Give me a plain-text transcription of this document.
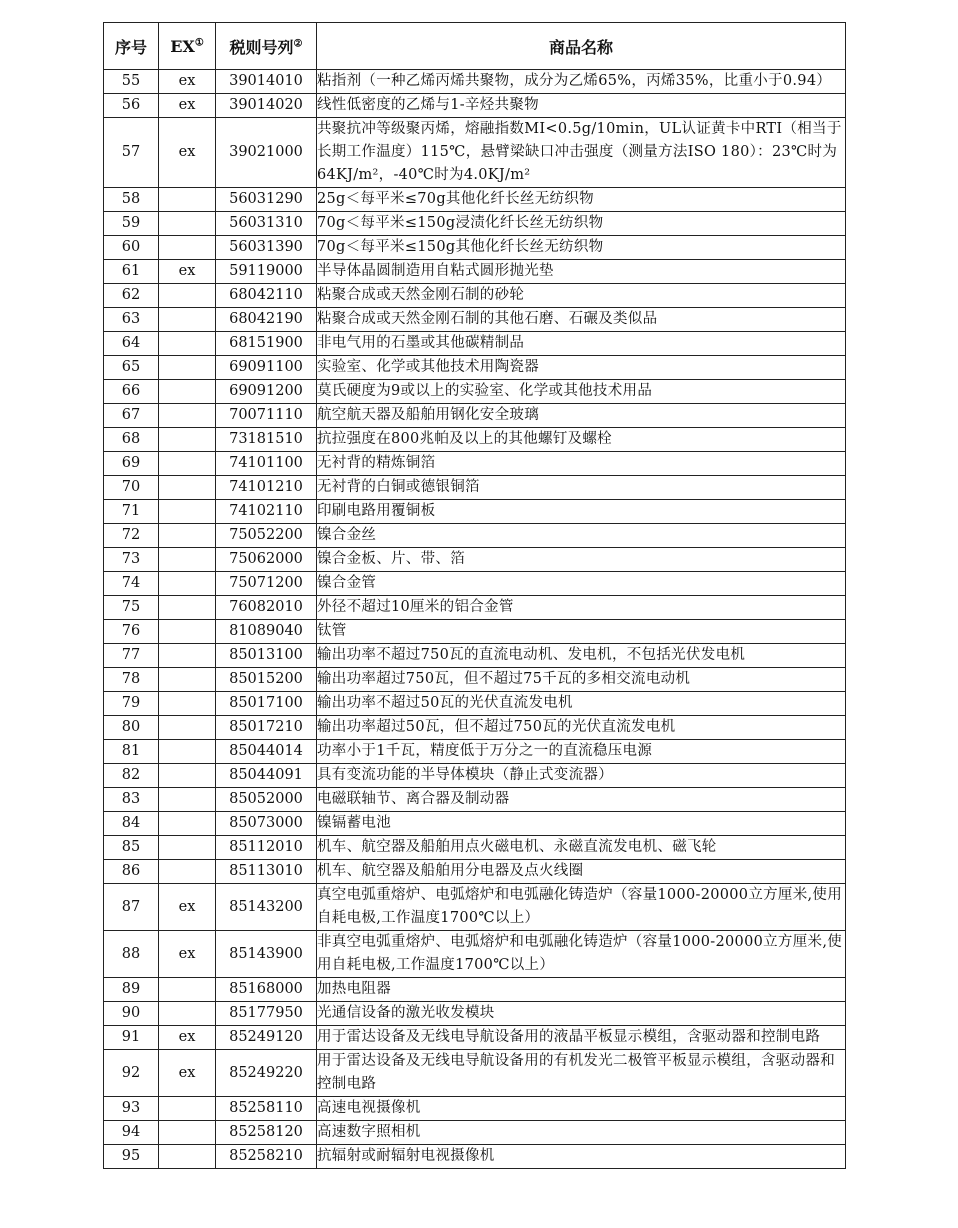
序号	EX①	税则号列②	商品名称
55	ex	39014010	粘指剂（一种乙烯丙烯共聚物，成分为乙烯65%，丙烯35%，比重小于0.94）
56	ex	39014020	线性低密度的乙烯与1-辛烃共聚物
57	ex	39021000	共聚抗冲等级聚丙烯，熔融指数MI<0.5g/10min，UL认证黄卡中RTI（相当于长期工作温度）115℃，悬臂梁缺口冲击强度（测量方法ISO 180）：23℃时为64KJ/m²，-40℃时为4.0KJ/m²
58		56031290	25g＜每平米≤70g其他化纤长丝无纺织物
59		56031310	70g＜每平米≤150g浸渍化纤长丝无纺织物
60		56031390	70g＜每平米≤150g其他化纤长丝无纺织物
61	ex	59119000	半导体晶圆制造用自粘式圆形抛光垫
62		68042110	粘聚合成或天然金刚石制的砂轮
63		68042190	粘聚合成或天然金刚石制的其他石磨、石碾及类似品
64		68151900	非电气用的石墨或其他碳精制品
65		69091100	实验室、化学或其他技术用陶瓷器
66		69091200	莫氏硬度为9或以上的实验室、化学或其他技术用品
67		70071110	航空航天器及船舶用钢化安全玻璃
68		73181510	抗拉强度在800兆帕及以上的其他螺钉及螺栓
69		74101100	无衬背的精炼铜箔
70		74101210	无衬背的白铜或德银铜箔
71		74102110	印刷电路用覆铜板
72		75052200	镍合金丝
73		75062000	镍合金板、片、带、箔
74		75071200	镍合金管
75		76082010	外径不超过10厘米的铝合金管
76		81089040	钛管
77		85013100	输出功率不超过750瓦的直流电动机、发电机，不包括光伏发电机
78		85015200	输出功率超过750瓦，但不超过75千瓦的多相交流电动机
79		85017100	输出功率不超过50瓦的光伏直流发电机
80		85017210	输出功率超过50瓦，但不超过750瓦的光伏直流发电机
81		85044014	功率小于1千瓦，精度低于万分之一的直流稳压电源
82		85044091	具有变流功能的半导体模块（静止式变流器）
83		85052000	电磁联轴节、离合器及制动器
84		85073000	镍镉蓄电池
85		85112010	机车、航空器及船舶用点火磁电机、永磁直流发电机、磁飞轮
86		85113010	机车、航空器及船舶用分电器及点火线圈
87	ex	85143200	真空电弧重熔炉、电弧熔炉和电弧融化铸造炉（容量1000-20000立方厘米,使用自耗电极,工作温度1700℃以上）
88	ex	85143900	非真空电弧重熔炉、电弧熔炉和电弧融化铸造炉（容量1000-20000立方厘米,使用自耗电极,工作温度1700℃以上）
89		85168000	加热电阻器
90		85177950	光通信设备的激光收发模块
91	ex	85249120	用于雷达设备及无线电导航设备用的液晶平板显示模组，含驱动器和控制电路
92	ex	85249220	用于雷达设备及无线电导航设备用的有机发光二极管平板显示模组，含驱动器和控制电路
93		85258110	高速电视摄像机
94		85258120	高速数字照相机
95		85258210	抗辐射或耐辐射电视摄像机
